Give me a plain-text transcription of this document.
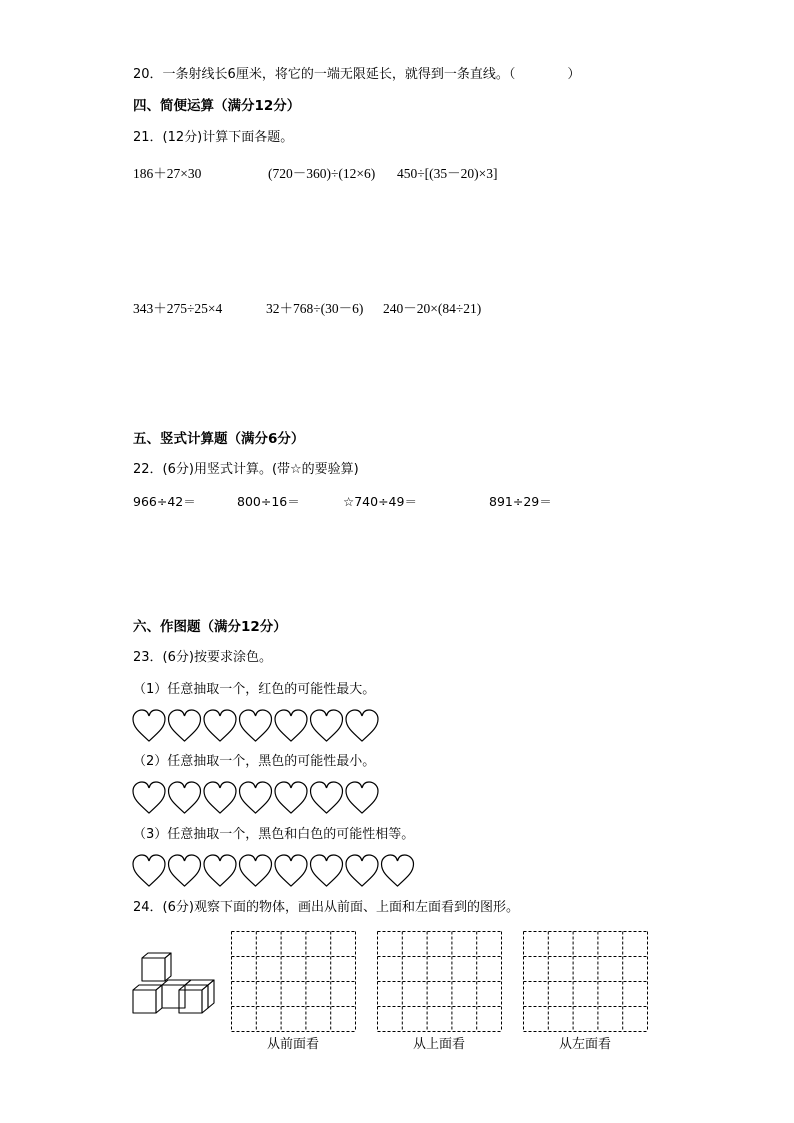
20．一条射线长6厘米，将它的一端无限延长，就得到一条直线。（　　　　）
四、简便运算（满分12分）
21．(12分)计算下面各题。
186＋27×30	(720－360)÷(12×6) 450÷[(35－20)×3]
343＋275÷25×4	32＋768÷(30－6) 240－20×(84÷21)
五、竖式计算题（满分6分）
22．(6分)用竖式计算。(带☆的要验算)
966÷42＝	800÷16＝	☆740÷49＝	891÷29＝
六、作图题（满分12分）
23．(6分)按要求涂色。
（1）任意抽取一个，红色的可能性最大。
（2）任意抽取一个，黑色的可能性最小。
（3）任意抽取一个，黑色和白色的可能性相等。
24．(6分)观察下面的物体，画出从前面、上面和左面看到的图形。
从前面看	从上面看	从左面看
